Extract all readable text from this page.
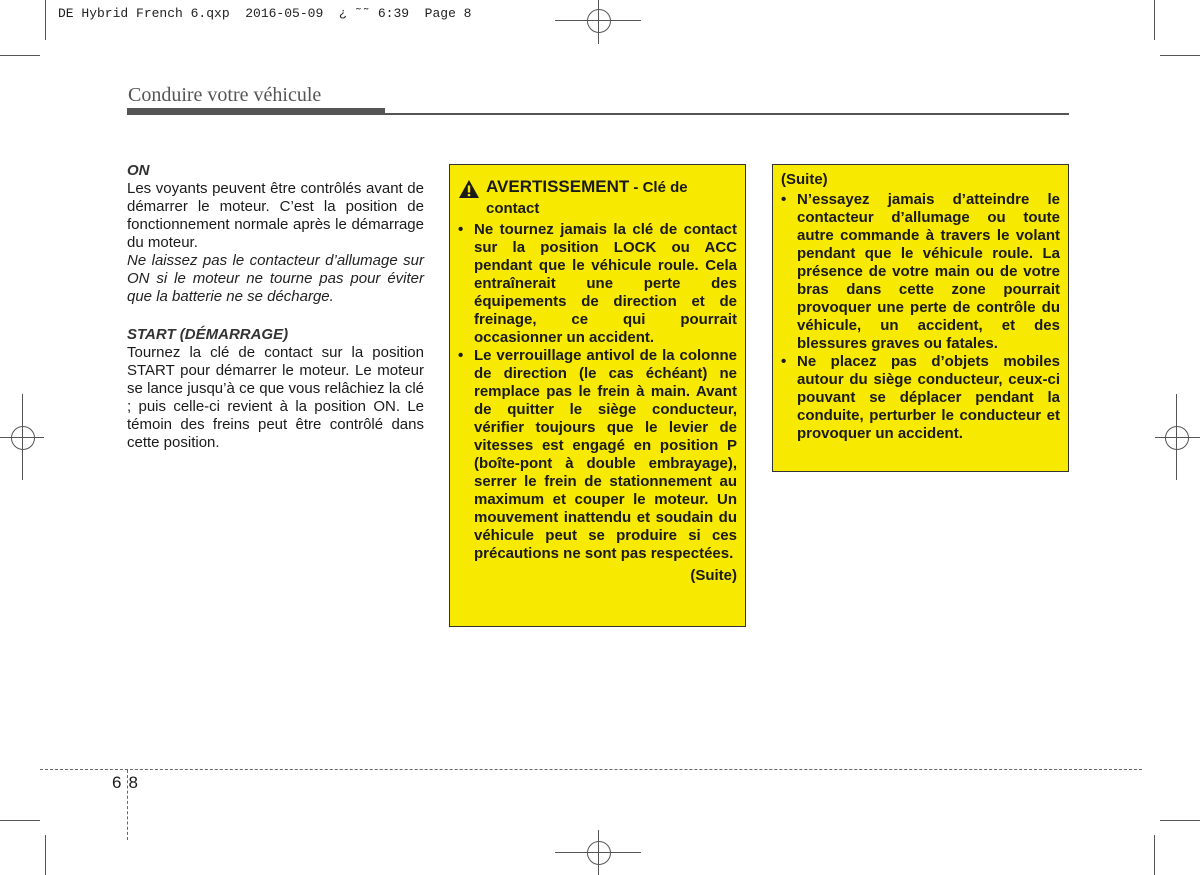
DE Hybrid French 6.qxp  2016-05-09  ¿ ˜˜ 6:39  Page 8
Conduire votre véhicule

ON

Les voyants peuvent être contrôlés avant de démarrer le moteur. C’est la position de fonctionnement normale après le démarrage du moteur.

Ne laissez pas le contacteur d’allumage sur ON si le moteur ne tourne pas pour éviter que la batterie ne se décharge.

START (DÉMARRAGE)

Tournez la clé de contact sur la position START pour démarrer le moteur. Le moteur se lance jusqu’à ce que vous relâchiez la clé ; puis celle-ci revient à la position ON. Le témoin des freins peut être contrôlé dans cette position.

AVERTISSEMENT - Clé de contact
• Ne tournez jamais la clé de contact sur la position LOCK ou ACC pendant que le véhicule roule. Cela entraînerait une perte des équipements de direction et de freinage, ce qui pourrait occasionner un accident.
• Le verrouillage antivol de la colonne de direction (le cas échéant) ne remplace pas le frein à main. Avant de quitter le siège conducteur, vérifier toujours que le levier de vitesses est engagé en position P (boîte-pont à double embrayage), serrer le frein de stationnement au maximum et couper le moteur. Un mouvement inattendu et soudain du véhicule peut se produire si ces précautions ne sont pas respectées.
(Suite)
(Suite)
• N’essayez jamais d’atteindre le contacteur d’allumage ou toute autre commande à travers le volant pendant que le véhicule roule. La présence de votre main ou de votre bras dans cette zone pourrait provoquer une perte de contrôle du véhicule, un accident, et des blessures graves ou fatales.
• Ne placez pas d’objets mobiles autour du siège conducteur, ceux-ci pouvant se déplacer pendant la conduite, perturber le conducteur et provoquer un accident.
6 8
